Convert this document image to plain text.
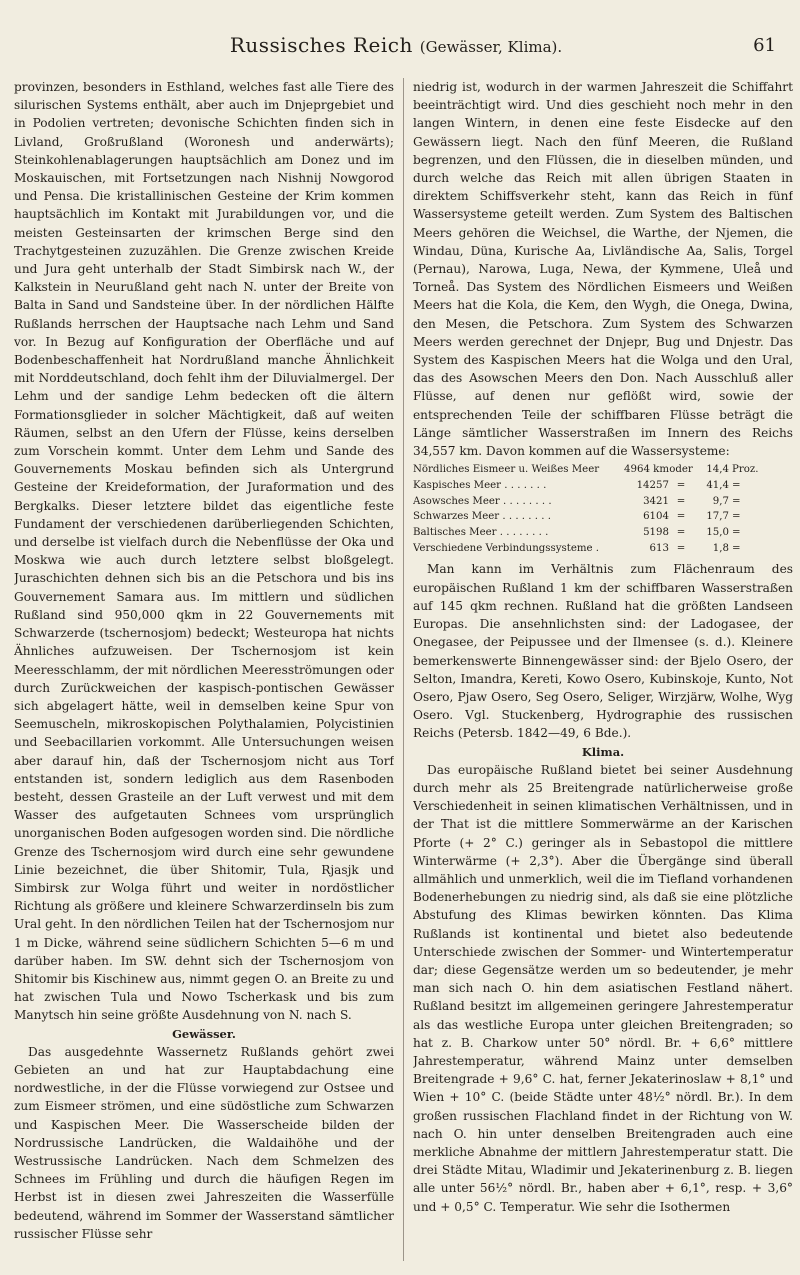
Russisches Reich (Gewässer, Klima).	61

provinzen, besonders in Esthland, welches fast alle Tiere des silurischen Systems enthält, aber auch im Dnjeprgebiet und in Podolien vertreten; devonische Schichten finden sich in Livland, Großrußland (Woronesh und anderwärts); Steinkohlenablagerungen hauptsächlich am Donez und im Moskauischen, mit Fortsetzungen nach Nishnij Nowgorod und Pensa. Die kristallinischen Gesteine der Krim kommen hauptsächlich im Kontakt mit Jurabildungen vor, und die meisten Gesteinsarten der krimschen Berge sind den Trachytgesteinen zuzuzählen. Die Grenze zwischen Kreide und Jura geht unterhalb der Stadt Simbirsk nach W., der Kalkstein in Neurußland geht nach N. unter der Breite von Balta in Sand und Sandsteine über. In der nördlichen Hälfte Rußlands herrschen der Hauptsache nach Lehm und Sand vor. In Bezug auf Konfiguration der Oberfläche und auf Bodenbeschaffenheit hat Nordrußland manche Ähnlichkeit mit Norddeutschland, doch fehlt ihm der Diluvialmergel. Der Lehm und der sandige Lehm bedecken oft die ältern Formationsglieder in solcher Mächtigkeit, daß auf weiten Räumen, selbst an den Ufern der Flüsse, keins derselben zum Vorschein kommt. Unter dem Lehm und Sande des Gouvernements Moskau befinden sich als Untergrund Gesteine der Kreideformation, der Juraformation und des Bergkalks. Dieser letztere bildet das eigentliche feste Fundament der verschiedenen darüberliegenden Schichten, und derselbe ist vielfach durch die Nebenflüsse der Oka und Moskwa wie auch durch letztere selbst bloßgelegt. Juraschichten dehnen sich bis an die Petschora und bis ins Gouvernement Samara aus. Im mittlern und südlichen Rußland sind 950,000 qkm in 22 Gouvernements mit Schwarzerde (tschernosjom) bedeckt; Westeuropa hat nichts Ähnliches aufzuweisen. Der Tschernosjom ist kein Meeresschlamm, der mit nördlichen Meeresströmungen oder durch Zurückweichen der kaspisch-pontischen Gewässer sich abgelagert hätte, weil in demselben keine Spur von Seemuscheln, mikroskopischen Polythalamien, Polycistinien und Seebacillarien vorkommt. Alle Untersuchungen weisen aber darauf hin, daß der Tschernosjom nicht aus Torf entstanden ist, sondern lediglich aus dem Rasenboden besteht, dessen Grasteile an der Luft verwest und mit dem Wasser des aufgetauten Schnees vom ursprünglich unorganischen Boden aufgesogen worden sind. Die nördliche Grenze des Tschernosjom wird durch eine sehr gewundene Linie bezeichnet, die über Shitomir, Tula, Rjasjk und Simbirsk zur Wolga führt und weiter in nordöstlicher Richtung als größere und kleinere Schwarzerdinseln bis zum Ural geht. In den nördlichen Teilen hat der Tschernosjom nur 1 m Dicke, während seine südlichern Schichten 5—6 m und darüber haben. Im SW. dehnt sich der Tschernosjom von Shitomir bis Kischinew aus, nimmt gegen O. an Breite zu und hat zwischen Tula und Nowo Tscherkask und bis zum Manytsch hin seine größte Ausdehnung von N. nach S.

Gewässer.

Das ausgedehnte Wassernetz Rußlands gehört zwei Gebieten an und hat zur Hauptabdachung eine nordwestliche, in der die Flüsse vorwiegend zur Ostsee und zum Eismeer strömen, und eine südöstliche zum Schwarzen und Kaspischen Meer. Die Wasserscheide bilden der Nordrussische Landrücken, die Waldaihöhe und der Westrussische Landrücken. Nach dem Schmelzen des Schnees im Frühling und durch die häufigen Regen im Herbst ist in diesen zwei Jahreszeiten die Wasserfülle bedeutend, während im Sommer der Wasserstand sämtlicher russischer Flüsse sehr

niedrig ist, wodurch in der warmen Jahreszeit die Schiffahrt beeinträchtigt wird. Und dies geschieht noch mehr in den langen Wintern, in denen eine feste Eisdecke auf den Gewässern liegt. Nach den fünf Meeren, die Rußland begrenzen, und den Flüssen, die in dieselben münden, und durch welche das Reich mit allen übrigen Staaten in direktem Schiffsverkehr steht, kann das Reich in fünf Wassersysteme geteilt werden. Zum System des Baltischen Meers gehören die Weichsel, die Warthe, der Njemen, die Windau, Düna, Kurische Aa, Livländische Aa, Salis, Torgel (Pernau), Narowa, Luga, Newa, der Kymmene, Uleå und Torneå. Das System des Nördlichen Eismeers und Weißen Meers hat die Kola, die Kem, den Wygh, die Onega, Dwina, den Mesen, die Petschora. Zum System des Schwarzen Meers werden gerechnet der Dnjepr, Bug und Dnjestr. Das System des Kaspischen Meers hat die Wolga und den Ural, das des Asowschen Meers den Don. Nach Ausschluß aller Flüsse, auf denen nur geflößt wird, sowie der entsprechenden Teile der schiffbaren Flüsse beträgt die Länge sämtlicher Wasserstraßen im Innern des Reichs 34,557 km. Davon kommen auf die Wassersysteme:

Nördliches Eismeer u. Weißes Meer	4964 km oder	14,4 Proz.
Kaspisches Meer . . . . . . .	14257 =	41,4 =
Asowsches Meer . . . . . . . .	3421 =	9,7 =
Schwarzes Meer . . . . . . . .	6104 =	17,7 =
Baltisches Meer . . . . . . . .	5198 =	15,0 =
Verschiedene Verbindungssysteme .	613 =	1,8 =

Man kann im Verhältnis zum Flächenraum des europäischen Rußland 1 km der schiffbaren Wasserstraßen auf 145 qkm rechnen. Rußland hat die größten Landseen Europas. Die ansehnlichsten sind: der Ladogasee, der Onegasee, der Peipussee und der Ilmensee (s. d.). Kleinere bemerkenswerte Binnengewässer sind: der Bjelo Osero, der Selton, Imandra, Kereti, Kowo Osero, Kubinskoje, Kunto, Not Osero, Pjaw Osero, Seg Osero, Seliger, Wirzjärw, Wolhe, Wyg Osero. Vgl. Stuckenberg, Hydrographie des russischen Reichs (Petersb. 1842—49, 6 Bde.).

Klima.

Das europäische Rußland bietet bei seiner Ausdehnung durch mehr als 25 Breitengrade natürlicherweise große Verschiedenheit in seinen klimatischen Verhältnissen, und in der That ist die mittlere Sommerwärme an der Karischen Pforte (+ 2° C.) geringer als in Sebastopol die mittlere Winterwärme (+ 2,3°). Aber die Übergänge sind überall allmählich und unmerklich, weil die im Tiefland vorhandenen Bodenerhebungen zu niedrig sind, als daß sie eine plötzliche Abstufung des Klimas bewirken könnten. Das Klima Rußlands ist kontinental und bietet also bedeutende Unterschiede zwischen der Sommer- und Wintertemperatur dar; diese Gegensätze werden um so bedeutender, je mehr man sich nach O. hin dem asiatischen Festland nähert. Rußland besitzt im allgemeinen geringere Jahrestemperatur als das westliche Europa unter gleichen Breitengraden; so hat z. B. Charkow unter 50° nördl. Br. + 6,6° mittlere Jahrestemperatur, während Mainz unter demselben Breitengrade + 9,6° C. hat, ferner Jekaterinoslaw + 8,1° und Wien + 10° C. (beide Städte unter 48½° nördl. Br.). In dem großen russischen Flachland findet in der Richtung von W. nach O. hin unter denselben Breitengraden auch eine merkliche Abnahme der mittlern Jahrestemperatur statt. Die drei Städte Mitau, Wladimir und Jekaterinenburg z. B. liegen alle unter 56½° nördl. Br., haben aber + 6,1°, resp. + 3,6° und + 0,5° C. Temperatur. Wie sehr die Isothermen
